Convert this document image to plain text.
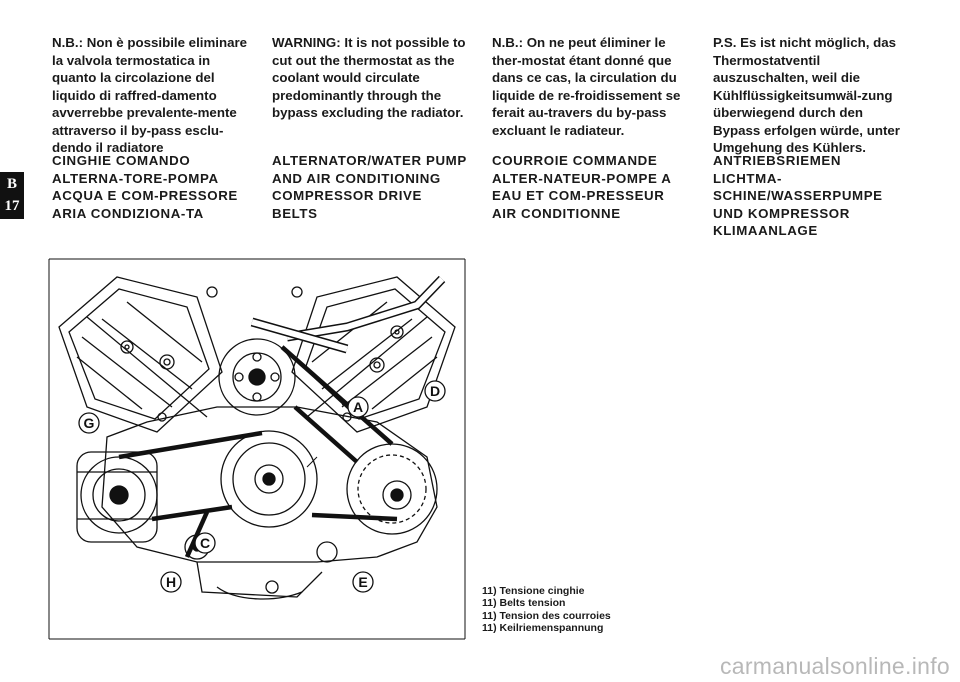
B
17
N.B.: Non è possibile eliminare la valvola termostatica in quanto la circolazione del liquido di raffred-damento avverrebbe prevalente-mente attraverso il by-pass esclu-dendo il radiatore
WARNING: It is not possible to cut out the thermostat as the coolant would circulate predominantly through the bypass excluding the radiator.
N.B.: On ne peut éliminer le ther-mostat étant donné que dans ce cas, la circulation du liquide de re-froidissement se ferait au-travers du by-pass excluant le radiateur.
P.S. Es ist nicht möglich, das Thermostatventil auszuschalten, weil die Kühlflüssigkeitsumwäl-zung überwiegend durch den Bypass erfolgen würde, unter Umgehung des Kühlers.
CINGHIE COMANDO ALTERNA-TORE-POMPA ACQUA E COM-PRESSORE ARIA CONDIZIONA-TA
ALTERNATOR/WATER PUMP AND AIR CONDITIONING COMPRESSOR DRIVE BELTS
COURROIE COMMANDE ALTER-NATEUR-POMPE A EAU ET COM-PRESSEUR AIR CONDITIONNE
ANTRIEBSRIEMEN LICHTMA-SCHINE/WASSERPUMPE UND KOMPRESSOR KLIMAANLAGE
A
D
G
C
H	E
11) Tensione cinghie
11) Belts tension
11) Tension des courroies
11) Keilriemenspannung
carmanualsonline.info
